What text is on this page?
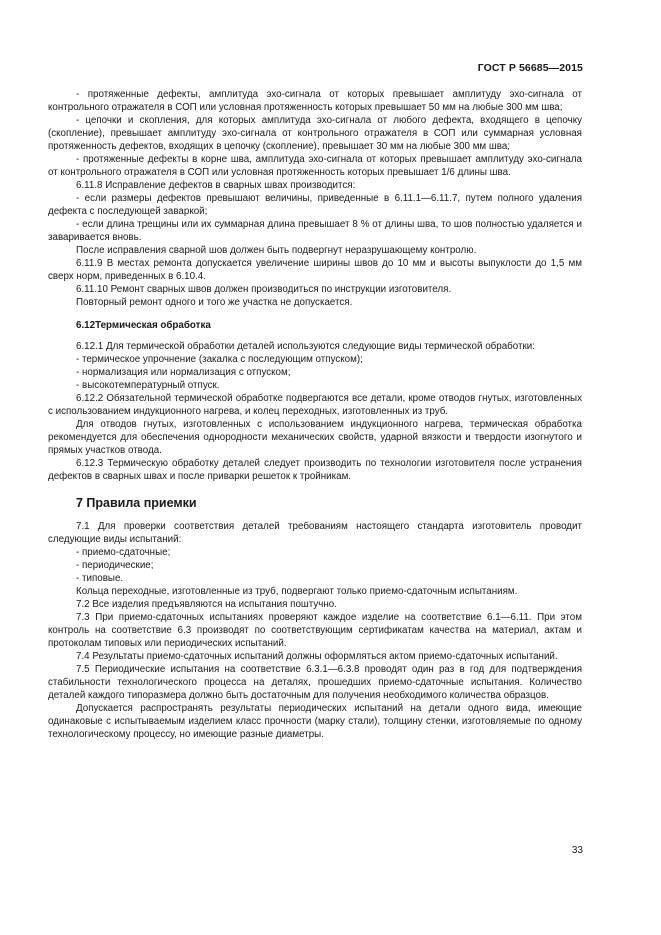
ГОСТ Р 56685—2015

- протяженные дефекты, амплитуда эхо-сигнала от которых превышает амплитуду эхо-сигнала от контрольного отражателя в СОП или условная протяженность которых превышает 50 мм на любые 300 мм шва;

- цепочки и скопления, для которых амплитуда эхо-сигнала от любого дефекта, входящего в цепочку (скопление), превышает амплитуду эхо-сигнала от контрольного отражателя в СОП или суммарная условная протяженность дефектов, входящих в цепочку (скопление), превышает 30 мм на любые 300 мм шва;

- протяженные дефекты в корне шва, амплитуда эхо-сигнала от которых превышает амплитуду эхо-сигнала от контрольного отражателя в СОП или условная протяженность которых превышает 1/6 длины шва.

6.11.8 Исправление дефектов в сварных швах производится:

- если размеры дефектов превышают величины, приведенные в 6.11.1—6.11.7, путем полного удаления дефекта с последующей заваркой;

- если длина трещины или их суммарная длина превышает 8 % от длины шва, то шов полностью удаляется и заваривается вновь.

После исправления сварной шов должен быть подвергнут неразрушающему контролю.

6.11.9 В местах ремонта допускается увеличение ширины швов до 10 мм и высоты выпуклости до 1,5 мм сверх норм, приведенных в 6.10.4.

6.11.10 Ремонт сварных швов должен производиться по инструкции изготовителя.

Повторный ремонт одного и того же участка не допускается.

6.12Термическая обработка

6.12.1 Для термической обработки деталей используются следующие виды термической обработки:

- термическое упрочнение (закалка с последующим отпуском);

- нормализация или нормализация с отпуском;

- высокотемпературный отпуск.

6.12.2 Обязательной термической обработке подвергаются все детали, кроме отводов гнутых, изготовленных с использованием индукционного нагрева, и колец переходных, изготовленных из труб.

Для отводов гнутых, изготовленных с использованием индукционного нагрева, термическая обработка рекомендуется для обеспечения однородности механических свойств, ударной вязкости и твердости изогнутого и прямых участков отвода.

6.12.3 Термическую обработку деталей следует производить по технологии изготовителя после устранения дефектов в сварных швах и после приварки решеток к тройникам.

7 Правила приемки

7.1 Для проверки соответствия деталей требованиям настоящего стандарта изготовитель проводит следующие виды испытаний:

- приемо-сдаточные;

- периодические;

- типовые.

Кольца переходные, изготовленные из труб, подвергают только приемо-сдаточным испытаниям.

7.2 Все изделия предъявляются на испытания поштучно.

7.3 При приемо-сдаточных испытаниях проверяют каждое изделие на соответствие 6.1—6.11. При этом контроль на соответствие 6.3 производят по соответствующим сертификатам качества на материал, актам и протоколам типовых или периодических испытаний.

7.4 Результаты приемо-сдаточных испытаний должны оформляться актом приемо-сдаточных испытаний.

7.5 Периодические испытания на соответствие 6.3.1—6.3.8 проводят один раз в год для подтверждения стабильности технологического процесса на деталях, прошедших приемо-сдаточные испытания. Количество деталей каждого типоразмера должно быть достаточным для получения необходимого количества образцов.

Допускается распространять результаты периодических испытаний на детали одного вида, имеющие одинаковые с испытываемым изделием класс прочности (марку стали), толщину стенки, изготовляемые по одному технологическому процессу, но имеющие разные диаметры.

33
